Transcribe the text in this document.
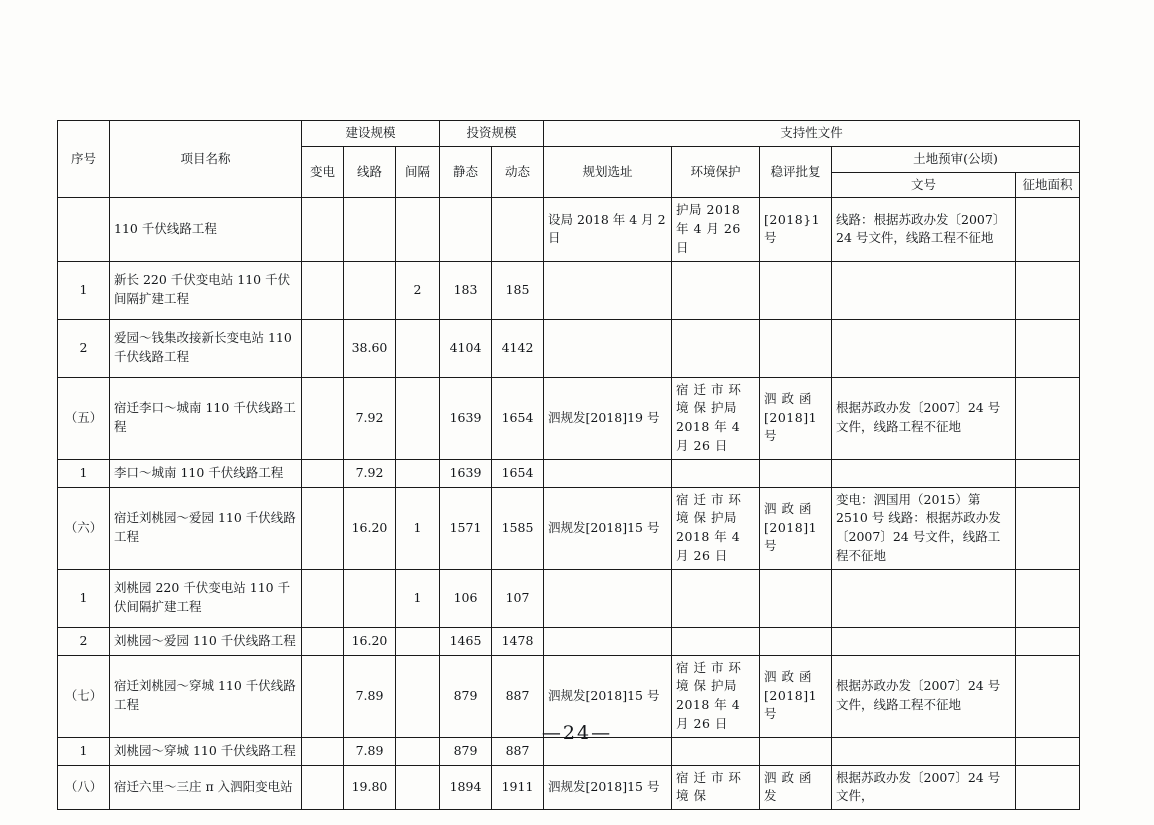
序号	项目名称	建设规模			投资规模		支持性文件				
		变电	线路	间隔	静态	动态	规划选址	环境保护	稳评批复	土地预审(公顷)	
										文号	征地面积
	110 千伏线路工程						设局 2018 年 4 月 2 日	护局 2018 年 4 月 26 日	[2018}1 号	线路：根据苏政办发〔2007〕24 号文件，线路工程不征地	
1	新长 220 千伏变电站 110 千伏间隔扩建工程			2	183	185					
2	爱园～钱集改接新长变电站 110 千伏线路工程		38.60		4104	4142					
（五）	宿迁李口～城南 110 千伏线路工程		7.92		1639	1654	泗规发[2018]19 号	宿 迁 市 环 境 保 护局 2018 年 4 月 26 日	泗 政 函[2018]1 号	根据苏政办发〔2007〕24 号文件，线路工程不征地	
1	李口～城南 110 千伏线路工程		7.92		1639	1654					
（六）	宿迁刘桃园～爱园 110 千伏线路工程		16.20	1	1571	1585	泗规发[2018]15 号	宿 迁 市 环 境 保 护局 2018 年 4 月 26 日	泗 政 函[2018]1 号	变电：泗国用（2015）第 2510 号 线路：根据苏政办发〔2007〕24 号文件，线路工程不征地	
1	刘桃园 220 千伏变电站 110 千伏间隔扩建工程			1	106	107					
2	刘桃园～爱园 110 千伏线路工程		16.20		1465	1478					
（七）	宿迁刘桃园～穿城 110 千伏线路工程		7.89		879	887	泗规发[2018]15 号	宿 迁 市 环 境 保 护局 2018 年 4 月 26 日	泗 政 函[2018]1 号	根据苏政办发〔2007〕24 号文件，线路工程不征地	
1	刘桃园～穿城 110 千伏线路工程		7.89		879	887					
（八）	宿迁六里～三庄 π 入泗阳变电站		19.80		1894	1911	泗规发[2018]15 号	宿 迁 市 环 境 保	泗 政 函 发	根据苏政办发〔2007〕24 号文件，	
—24—
